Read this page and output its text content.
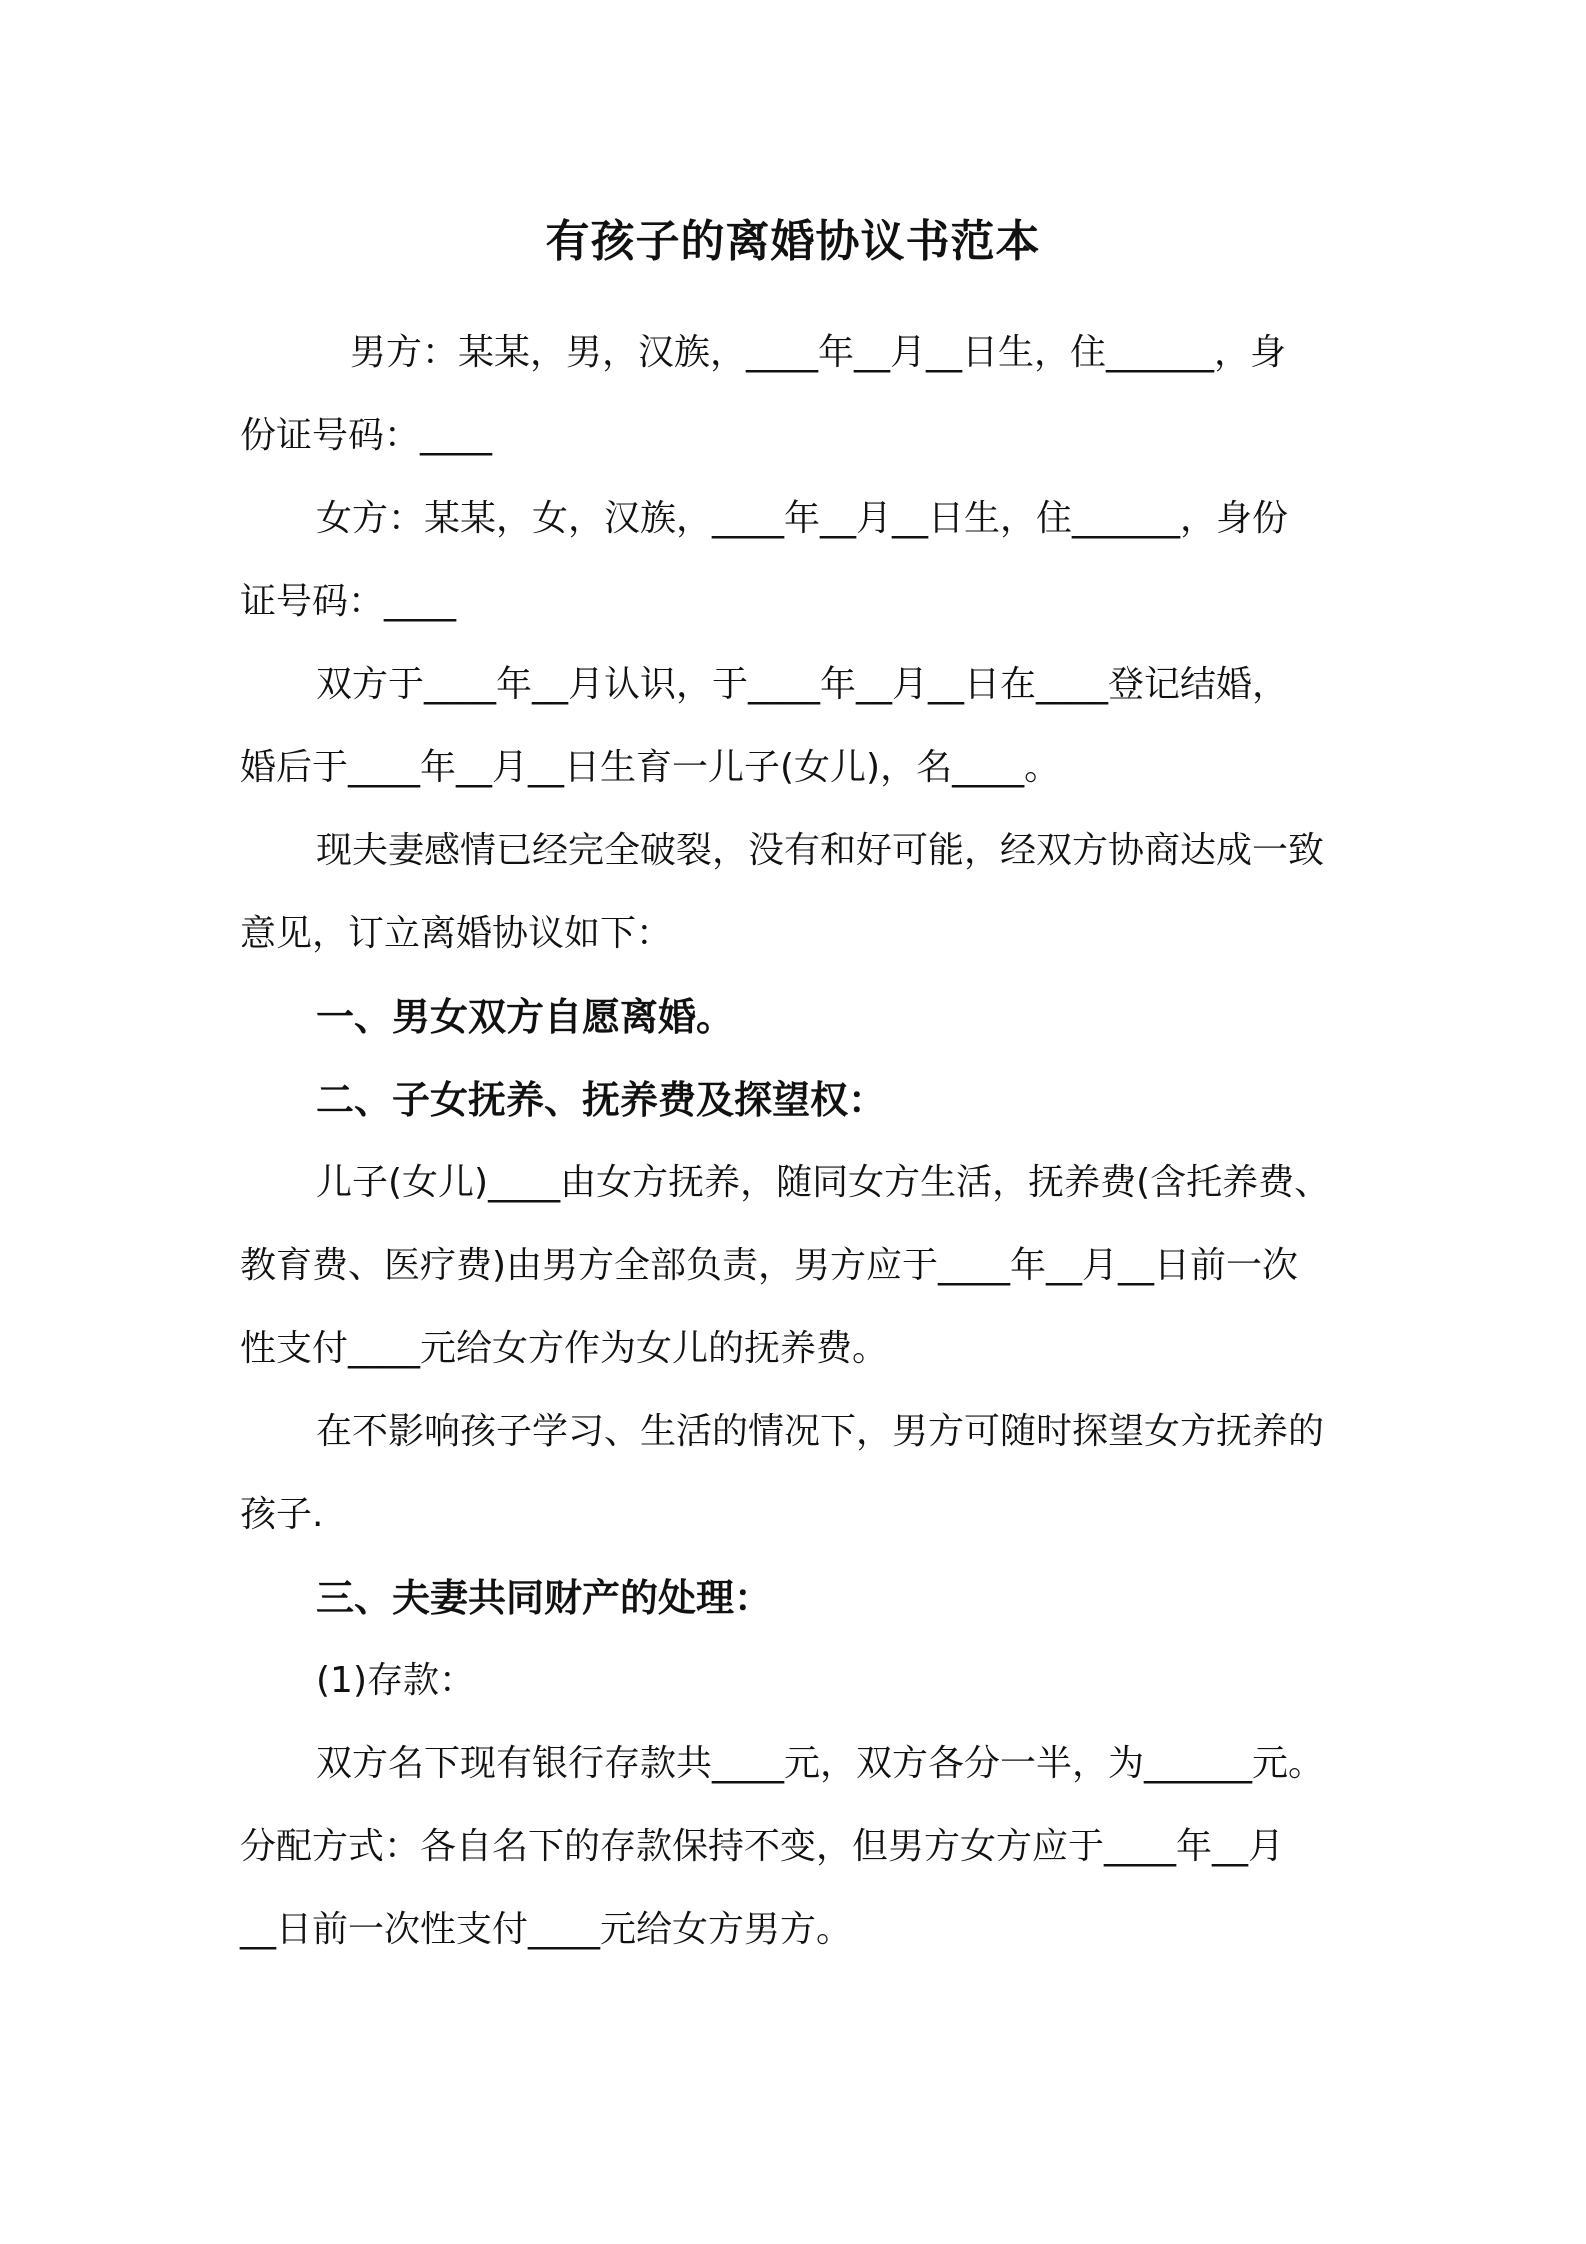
有孩子的离婚协议书范本
男方：某某，男，汉族，____年__月__日生，住______，身
份证号码：____
女方：某某，女，汉族，____年__月__日生，住______，身份
证号码：____
双方于____年__月认识，于____年__月__日在____登记结婚，
婚后于____年__月__日生育一儿子(女儿)，名____。
现夫妻感情已经完全破裂，没有和好可能，经双方协商达成一致
意见，订立离婚协议如下：
一、男女双方自愿离婚。
二、子女抚养、抚养费及探望权：
儿子(女儿)____由女方抚养，随同女方生活，抚养费(含托养费、
教育费、医疗费)由男方全部负责，男方应于____年__月__日前一次
性支付____元给女方作为女儿的抚养费。
在不影响孩子学习、生活的情况下，男方可随时探望女方抚养的
孩子.
三、夫妻共同财产的处理：
(1)存款：
双方名下现有银行存款共____元，双方各分一半，为______元。
分配方式：各自名下的存款保持不变，但男方女方应于____年__月
__日前一次性支付____元给女方男方。
